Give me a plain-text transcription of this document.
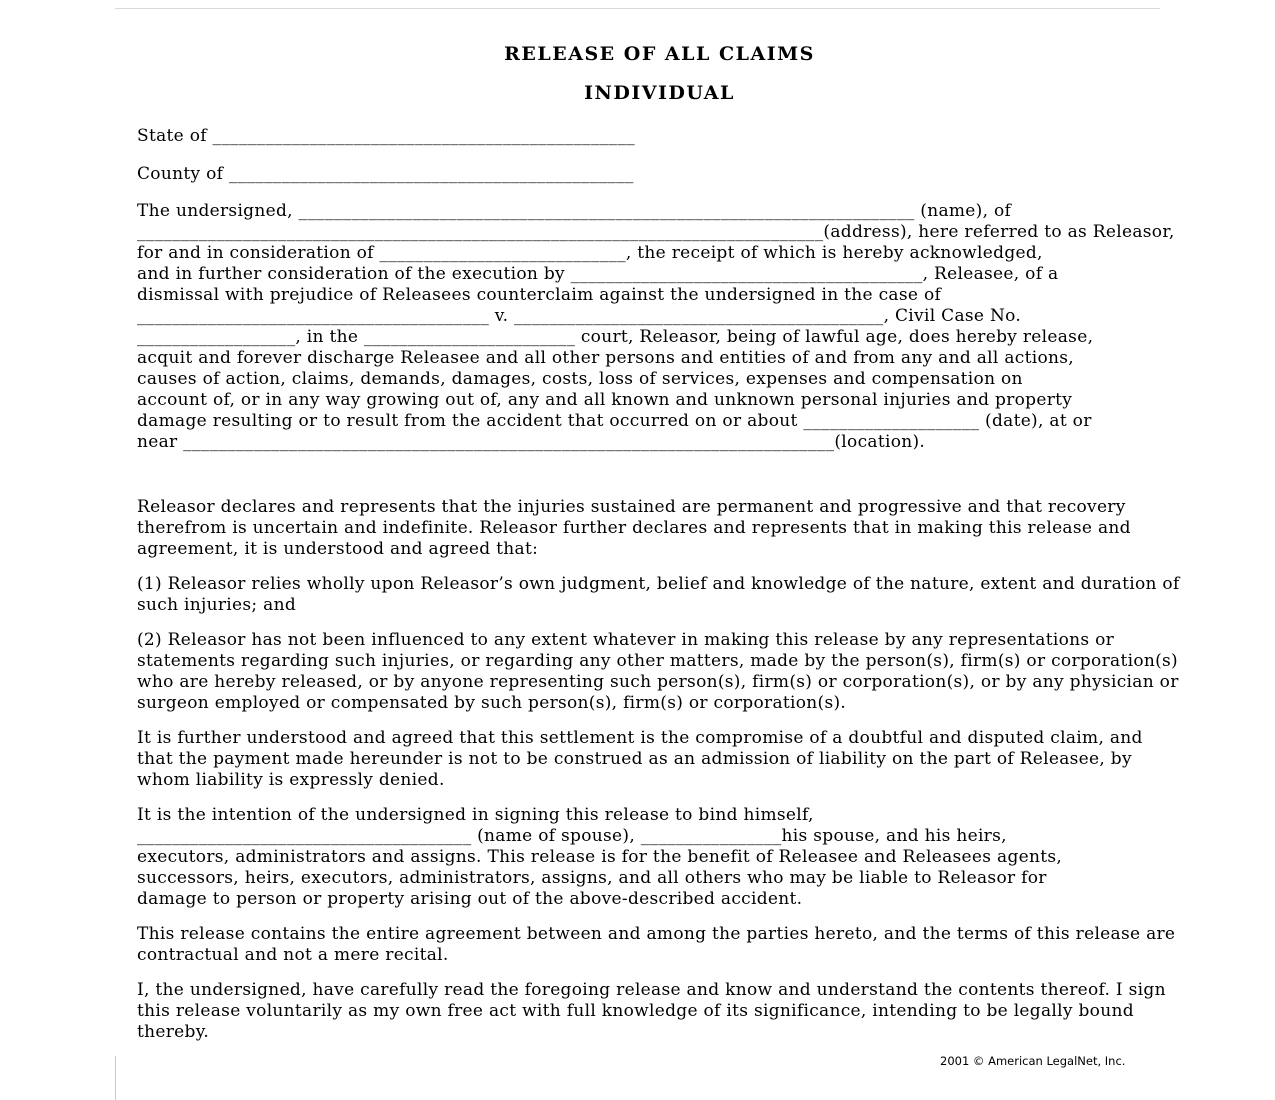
RELEASE OF ALL CLAIMS
INDIVIDUAL

State of ________________________________________________

County of ______________________________________________

The undersigned, ______________________________________________________________________ (name), of
______________________________________________________________________________(address), here referred to as Releasor,
for and in consideration of ____________________________, the receipt of which is hereby acknowledged,
and in further consideration of the execution by ________________________________________, Releasee, of a
dismissal with prejudice of Releasees counterclaim against the undersigned in the case of
________________________________________ v. __________________________________________, Civil Case No.
__________________, in the ________________________ court, Releasor, being of lawful age, does hereby release,
acquit and forever discharge Releasee and all other persons and entities of and from any and all actions,
causes of action, claims, demands, damages, costs, loss of services, expenses and compensation on
account of, or in any way growing out of, any and all known and unknown personal injuries and property
damage resulting or to result from the accident that occurred on or about ____________________ (date), at or
near __________________________________________________________________________(location).

Releasor declares and represents that the injuries sustained are permanent and progressive and that recovery therefrom is uncertain and indefinite. Releasor further declares and represents that in making this release and agreement, it is understood and agreed that:

(1) Releasor relies wholly upon Releasor’s own judgment, belief and knowledge of the nature, extent and duration of such injuries; and

(2) Releasor has not been influenced to any extent whatever in making this release by any representations or statements regarding such injuries, or regarding any other matters, made by the person(s), firm(s) or corporation(s) who are hereby released, or by anyone representing such person(s), firm(s) or corporation(s), or by any physician or surgeon employed or compensated by such person(s), firm(s) or corporation(s).

It is further understood and agreed that this settlement is the compromise of a doubtful and disputed claim, and that the payment made hereunder is not to be construed as an admission of liability on the part of Releasee, by whom liability is expressly denied.

It is the intention of the undersigned in signing this release to bind himself,
______________________________________ (name of spouse), ________________his spouse, and his heirs,
executors, administrators and assigns. This release is for the benefit of Releasee and Releasees agents,
successors, heirs, executors, administrators, assigns, and all others who may be liable to Releasor for
damage to person or property arising out of the above-described accident.

This release contains the entire agreement between and among the parties hereto, and the terms of this release are contractual and not a mere recital.

I, the undersigned, have carefully read the foregoing release and know and understand the contents thereof. I sign this release voluntarily as my own free act with full knowledge of its significance, intending to be legally bound thereby.

2001 © American LegalNet, Inc.
